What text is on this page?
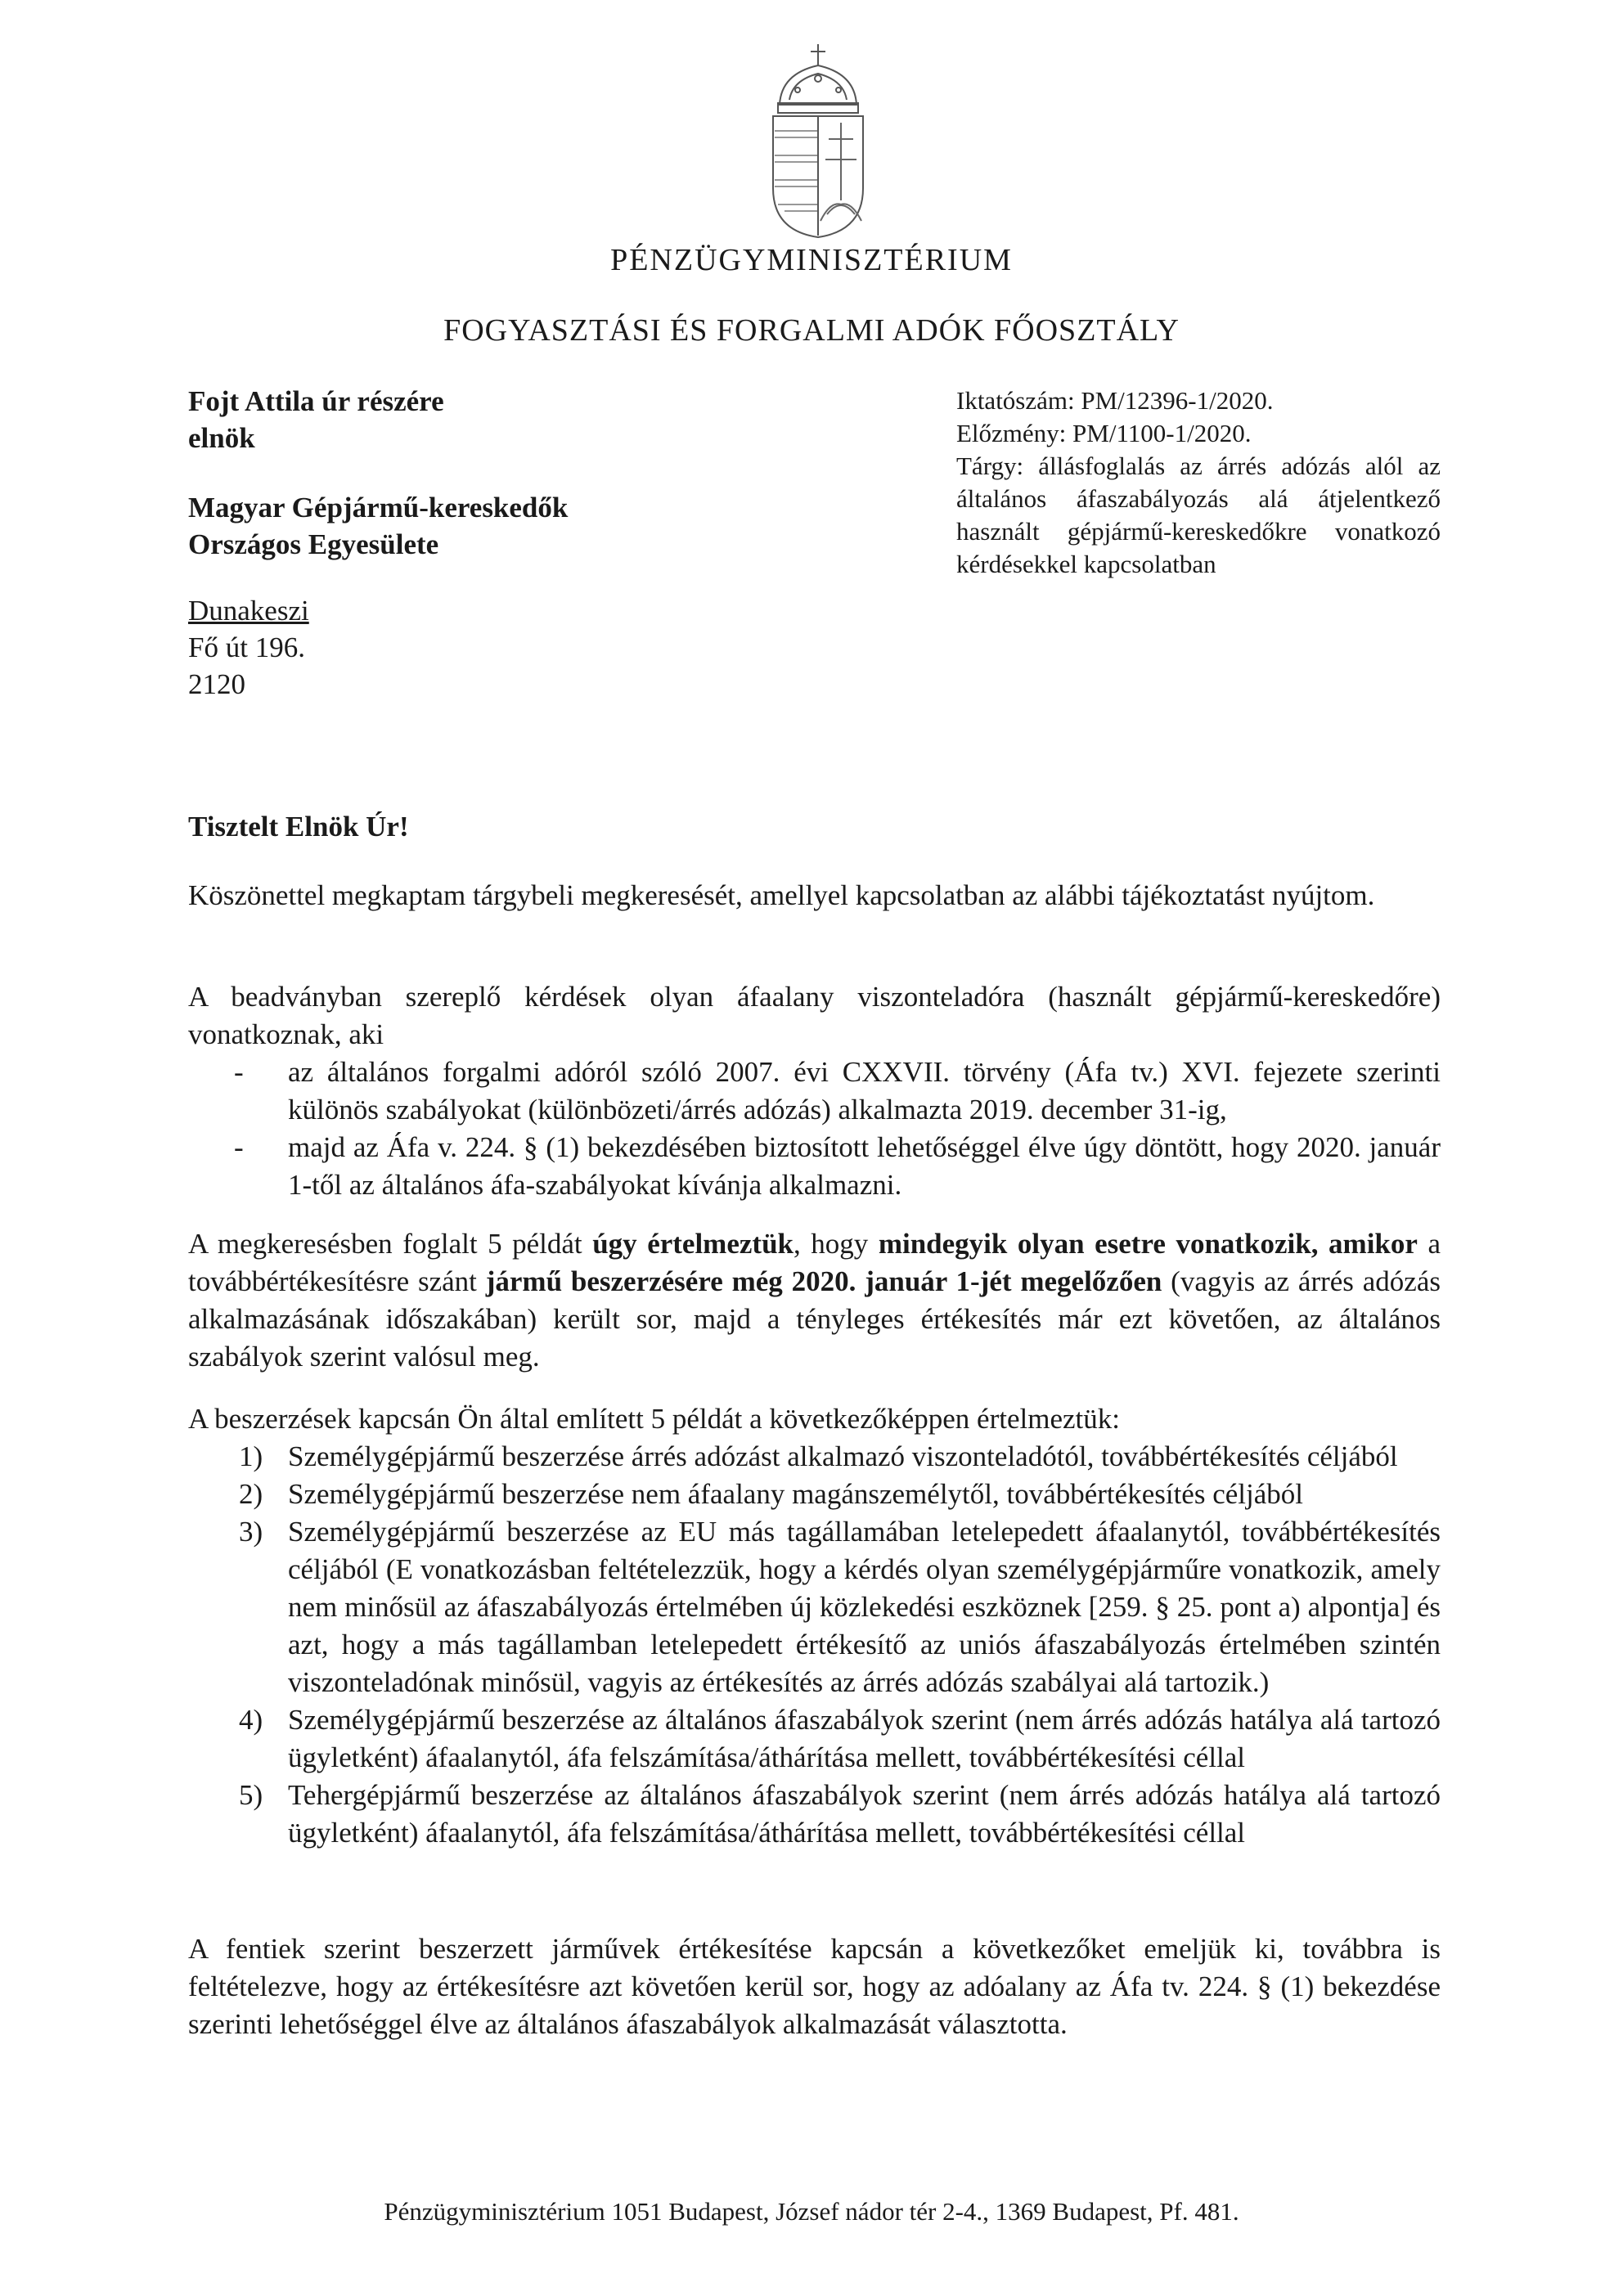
PÉNZÜGYMINISZTÉRIUM
FOGYASZTÁSI ÉS FORGALMI ADÓK FŐOSZTÁLY
Fojt Attila úr részére
elnök
Magyar Gépjármű-kereskedők
Országos Egyesülete
Dunakeszi
Fő út 196.
2120
Iktatószám: PM/12396-1/2020.
Előzmény: PM/1100-1/2020.
Tárgy: állásfoglalás az árrés adózás alól az általános áfaszabályozás alá átjelentkező használt gépjármű-kereskedőkre vonatkozó kérdésekkel kapcsolatban
Tisztelt Elnök Úr!

Köszönettel megkaptam tárgybeli megkeresését, amellyel kapcsolatban az alábbi tájékoztatást nyújtom.

A beadványban szereplő kérdések olyan áfaalany viszonteladóra (használt gépjármű-kereskedőre) vonatkoznak, aki

- az általános forgalmi adóról szóló 2007. évi CXXVII. törvény (Áfa tv.) XVI. fejezete szerinti különös szabályokat (különbözeti/árrés adózás) alkalmazta 2019. december 31-ig,
- majd az Áfa v. 224. § (1) bekezdésében biztosított lehetőséggel élve úgy döntött, hogy 2020. január 1-től az általános áfa-szabályokat kívánja alkalmazni.

A megkeresésben foglalt 5 példát úgy értelmeztük, hogy mindegyik olyan esetre vonatkozik, amikor a továbbértékesítésre szánt jármű beszerzésére még 2020. január 1-jét megelőzően (vagyis az árrés adózás alkalmazásának időszakában) került sor, majd a tényleges értékesítés már ezt követően, az általános szabályok szerint valósul meg.

A beszerzések kapcsán Ön által említett 5 példát a következőképpen értelmeztük:

1) Személygépjármű beszerzése árrés adózást alkalmazó viszonteladótól, továbbértékesítés céljából
2) Személygépjármű beszerzése nem áfaalany magánszemélytől, továbbértékesítés céljából
3) Személygépjármű beszerzése az EU más tagállamában letelepedett áfaalanytól, továbbértékesítés céljából (E vonatkozásban feltételezzük, hogy a kérdés olyan személygépjárműre vonatkozik, amely nem minősül az áfaszabályozás értelmében új közlekedési eszköznek [259. § 25. pont a) alpontja] és azt, hogy a más tagállamban letelepedett értékesítő az uniós áfaszabályozás értelmében szintén viszonteladónak minősül, vagyis az értékesítés az árrés adózás szabályai alá tartozik.)
4) Személygépjármű beszerzése az általános áfaszabályok szerint (nem árrés adózás hatálya alá tartozó ügyletként) áfaalanytól, áfa felszámítása/áthárítása mellett, továbbértékesítési céllal
5) Tehergépjármű beszerzése az általános áfaszabályok szerint (nem árrés adózás hatálya alá tartozó ügyletként) áfaalanytól, áfa felszámítása/áthárítása mellett, továbbértékesítési céllal

A fentiek szerint beszerzett járművek értékesítése kapcsán a következőket emeljük ki, továbbra is feltételezve, hogy az értékesítésre azt követően kerül sor, hogy az adóalany az Áfa tv. 224. § (1) bekezdése szerinti lehetőséggel élve az általános áfaszabályok alkalmazását választotta.

Pénzügyminisztérium 1051 Budapest, József nádor tér 2-4., 1369 Budapest, Pf. 481.
